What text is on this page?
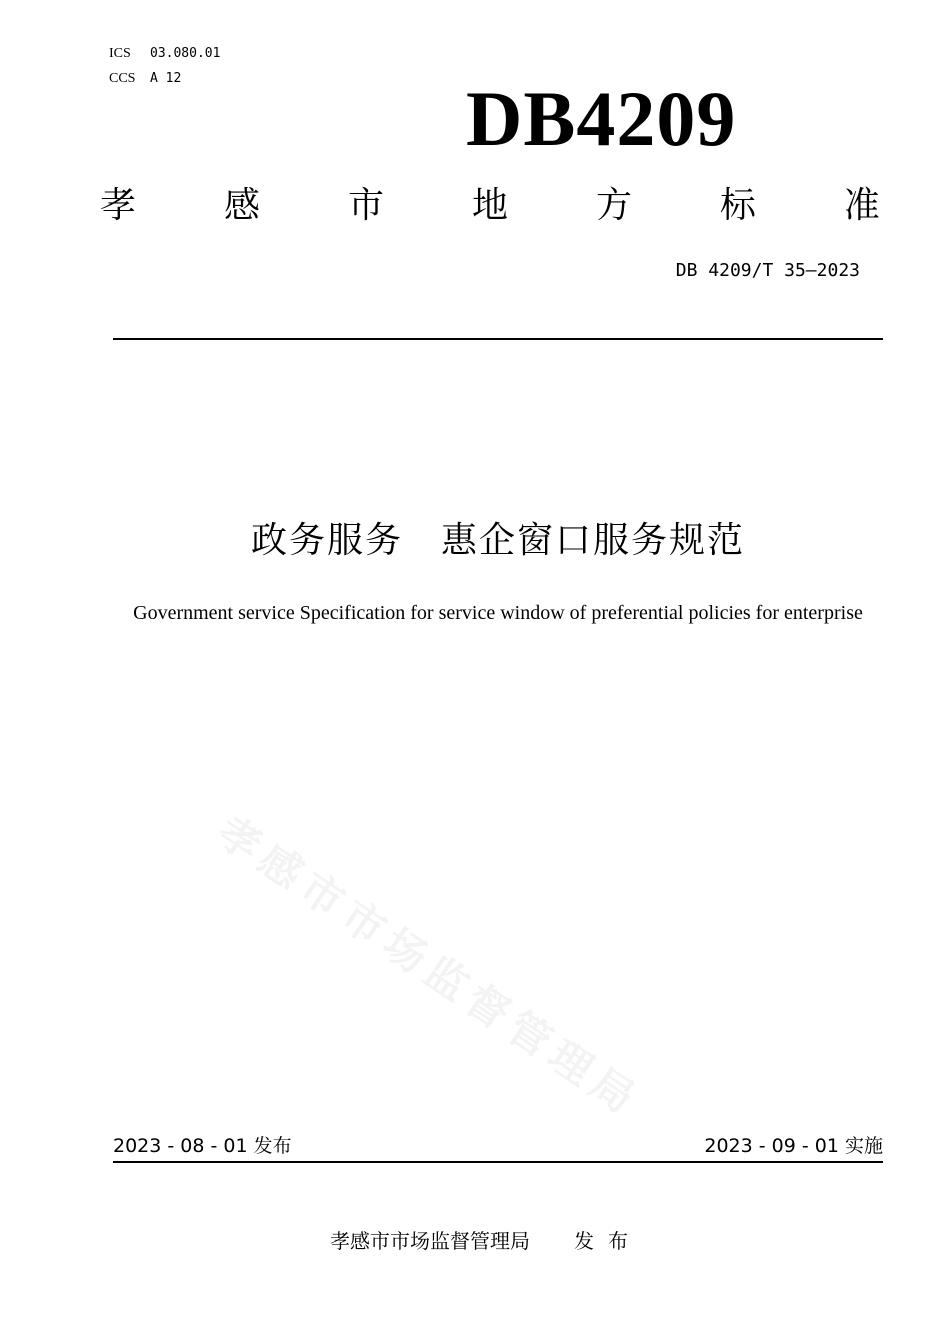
ICS 03.080.01
CCS A 12	DB4209
孝 感 市 地 方 标 准
DB 4209/T 35—2023
政务服务 惠企窗口服务规范
Government service Specification for service window of preferential policies for enterprise
孝感市市场监督管理局
2023 - 08 - 01 发布	2023 - 09 - 01 实施
孝感市市场监督管理局 发布
